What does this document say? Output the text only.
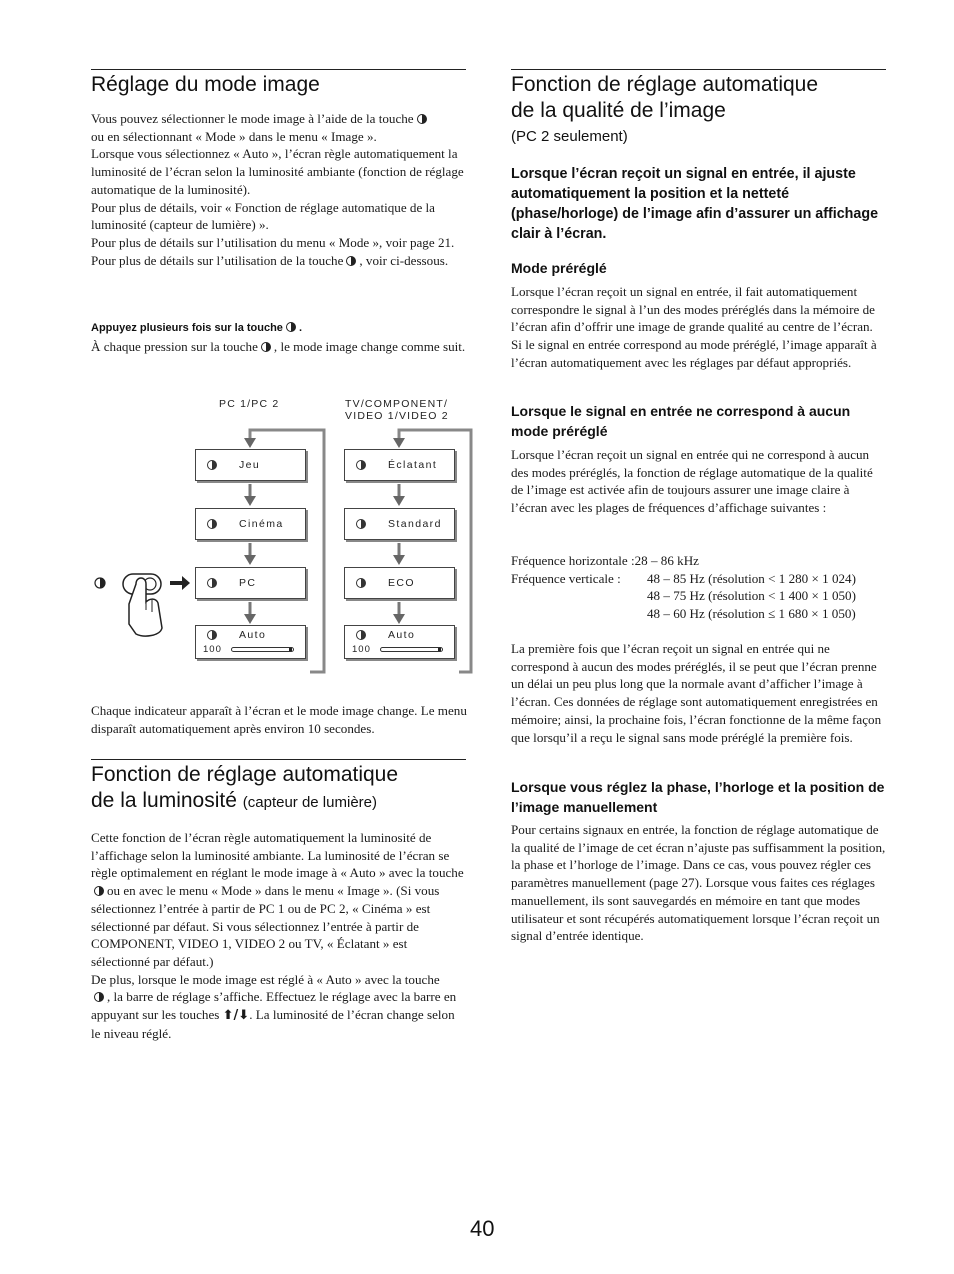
Réglage du mode image

Vous pouvez sélectionner le mode image à l’aide de la touche
ou en sélectionnant « Mode » dans le menu « Image ».

Lorsque vous sélectionnez « Auto », l’écran règle automatiquement la luminosité de l’écran selon la luminosité ambiante (fonction de réglage automatique de la luminosité).

Pour plus de détails, voir « Fonction de réglage automatique de la luminosité (capteur de lumière) ».

Pour plus de détails sur l’utilisation du menu « Mode », voir page 21.

Pour plus de détails sur l’utilisation de la touche , voir ci-dessous.

Appuyez plusieurs fois sur la touche .

À chaque pression sur la touche , le mode image change comme suit.

Chaque indicateur apparaît à l’écran et le mode image change. Le menu disparaît automatiquement après environ 10 secondes.
Fonction de réglage automatique
de la luminosité (capteur de lumière)

Cette fonction de l’écran règle automatiquement la luminosité de l’affichage selon la luminosité ambiante. La luminosité de l’écran se règle optimalement en réglant le mode image à « Auto » avec la toucheou en avec le menu « Mode » dans le menu « Image ». (Si vous sélectionnez l’entrée à partir de PC 1 ou de PC 2, « Cinéma » est sélectionné par défaut. Si vous sélectionnez l’entrée à partir de COMPONENT, VIDEO 1, VIDEO 2 ou TV, « Éclatant » est sélectionné par défaut.)

De plus, lorsque le mode image est réglé à « Auto » avec la touche
, la barre de réglage s’affiche. Effectuez le réglage avec la barre en appuyant sur les touches ⬆/⬇. La luminosité de l’écran change selon le niveau réglé.

PC 1/PC 2	TV/COMPONENT/
VIDEO 1/VIDEO 2
Jeu
Cinéma
PC
Auto
100
Éclatant
Standard
ECO
Auto
100
Fonction de réglage automatique
de la qualité de l’image
(PC 2 seulement)
Lorsque l’écran reçoit un signal en entrée, il ajuste automatiquement la position et la netteté (phase/horloge) de l’image afin d’assurer un affichage clair à l’écran.
Mode préréglé
Lorsque l’écran reçoit un signal en entrée, il fait automatiquement correspondre le signal à l’un des modes préréglés dans la mémoire de l’écran afin d’offrir une image de grande qualité au centre de l’écran. Si le signal en entrée correspond au mode préréglé, l’image apparaît à l’écran automatiquement avec les réglages par défaut appropriés.
Lorsque le signal en entrée ne correspond à aucun mode préréglé
Lorsque l’écran reçoit un signal en entrée qui ne correspond à aucun des modes préréglés, la fonction de réglage automatique de la qualité de l’image est activée afin de toujours assurer une image claire à l’écran avec les plages de fréquences d’affichage suivantes :
Fréquence horizontale :28 – 86 kHz
Fréquence verticale : 48 – 85 Hz (résolution < 1 280 × 1 024)
48 – 75 Hz (résolution < 1 400 × 1 050)
48 – 60 Hz (résolution ≤ 1 680 × 1 050)
La première fois que l’écran reçoit un signal en entrée qui ne correspond à aucun des modes préréglés, il se peut que l’écran prenne un délai un peu plus long que la normale avant d’afficher l’image à l’écran. Ces données de réglage sont automatiquement enregistrées en mémoire; ainsi, la prochaine fois, l’écran fonctionne de la même façon que lorsqu’il a reçu le signal sans mode préréglé la première fois.
Lorsque vous réglez la phase, l’horloge et la position de l’image manuellement
Pour certains signaux en entrée, la fonction de réglage automatique de la qualité de l’image de cet écran n’ajuste pas suffisamment la position, la phase et l’horloge de l’image. Dans ce cas, vous pouvez régler ces paramètres manuellement (page 27). Lorsque vous faites ces réglages manuellement, ils sont sauvegardés en mémoire en tant que modes utilisateur et sont récupérés automatiquement lorsque l’écran reçoit un signal d’entrée identique.
40
